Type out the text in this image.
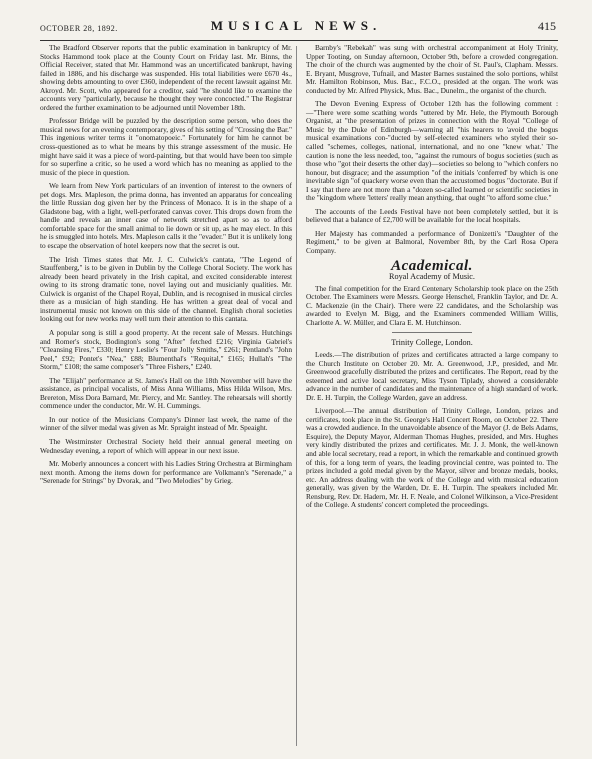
OCTOBER 28, 1892.	MUSICAL NEWS.	415

The Bradford Observer reports that the public examination in bankruptcy of Mr. Stocks Hammond took place at the County Court on Friday last. Mr. Binns, the Official Receiver, stated that Mr. Hammond was an uncertificated bankrupt, having failed in 1886, and his discharge was suspended. His total liabilities were £670 4s., showing debts amounting to over £360, independent of the recent lawsuit against Mr. Akroyd. Mr. Scott, who appeared for a creditor, said "he should like to examine the accounts very "particularly, because he thought they were concocted." The Registrar ordered the further examination to be adjourned until November 18th.

Professor Bridge will be puzzled by the description some person, who does the musical news for an evening contemporary, gives of his setting of "Crossing the Bar." This ingenious writer terms it "onomatopoeic." Fortunately for him he cannot be cross-questioned as to what he means by this strange assessment of the music. He might have said it was a piece of word-painting, but that would have been too simple for so superfine a critic, so he used a word which has no meaning as applied to the music of the piece in question.

We learn from New York particulars of an invention of interest to the owners of pet dogs. Mrs. Mapleson, the prima donna, has invented an apparatus for concealing the little Russian dog given her by the Princess of Monaco. It is in the shape of a Gladstone bag, with a light, well-perforated canvas cover. This drops down from the handle and reveals an inner case of network stretched apart so as to afford comfortable space for the small animal to lie down or sit up, as he may elect. In this he is smuggled into hotels. Mrs. Mapleson calls it the "evader." But it is unlikely long to escape the observation of hotel keepers now that the secret is out.

The Irish Times states that Mr. J. C. Culwick's cantata, "The Legend of Stauffenberg," is to be given in Dublin by the College Choral Society. The work has already been heard privately in the Irish capital, and excited considerable interest owing to its strong dramatic tone, novel laying out and musicianly qualities. Mr. Culwick is organist of the Chapel Royal, Dublin, and is recognised in musical circles there as a musician of high standing. He has written a great deal of vocal and instrumental music not known on this side of the channel. English choral societies looking out for new works may well turn their attention to this cantata.

A popular song is still a good property. At the recent sale of Messrs. Hutchings and Romer's stock, Bodington's song "After" fetched £216; Virginia Gabriel's "Cleansing Fires," £330; Henry Leslie's "Four Jolly Smiths," £261; Pentland's "John Peel," £92; Pontet's "Nea," £88; Blumenthal's "Requital," £165; Hullah's "The Storm," £108; the same composer's "Three Fishers," £240.

The "Elijah" performance at St. James's Hall on the 18th November will have the assistance, as principal vocalists, of Miss Anna Williams, Miss Hilda Wilson, Mrs. Brereton, Miss Dora Barnard, Mr. Piercy, and Mr. Santley. The rehearsals will shortly commence under the conductor, Mr. W. H. Cummings.

In our notice of the Musicians Company's Dinner last week, the name of the winner of the silver medal was given as Mr. Spraight instead of Mr. Speaight.

The Westminster Orchestral Society held their annual general meeting on Wednesday evening, a report of which will appear in our next issue.

Mr. Moberly announces a concert with his Ladies String Orchestra at Birmingham next month. Among the items down for performance are Volkmann's "Serenade," a "Serenade for Strings" by Dvorak, and "Two Melodies" by Grieg.

Barnby's "Rebekah" was sung with orchestral accompaniment at Holy Trinity, Upper Tooting, on Sunday afternoon, October 9th, before a crowded congregation. The choir of the church was augmented by the choir of St. Paul's, Clapham. Messrs. E. Bryant, Musgrove, Tufnail, and Master Barnes sustained the solo portions, whilst Mr. Hamilton Robinson, Mus. Bac., F.C.O., presided at the organ. The work was conducted by Mr. Alfred Physick, Mus. Bac., Dunelm., the organist of the church.

The Devon Evening Express of October 12th has the following comment :—"There were some scathing words "uttered by Mr. Hele, the Plymouth Borough Organist, at "the presentation of prizes in connection with the Royal "College of Music by the Duke of Edinburgh—warning all "his hearers to 'avoid the bogus musical examinations con-"ducted by self-elected examiners who styled their so-called "schemes, colleges, national, international, and no one "knew what.' The caution is none the less needed, too, "against the rumours of bogus societies (such as those who "got their deserts the other day)—societies so belong to "which confers no honour, but disgrace; and the assumption "of the initials 'conferred' by which is one inevitable sign "of quackery worse even than the accustomed bogus "doctorate. But if I say that there are not more than a "dozen so-called learned or scientific societies in the "kingdom where 'letters' really mean anything, that ought "to afford some clue."

The accounts of the Leeds Festival have not been completely settled, but it is believed that a balance of £2,700 will be available for the local hospitals.

Her Majesty has commanded a performance of Donizetti's "Daughter of the Regiment," to be given at Balmoral, November 8th, by the Carl Rosa Opera Company.

Academical.
Royal Academy of Music.

The final competition for the Erard Centenary Scholarship took place on the 25th October. The Examiners were Messrs. George Henschel, Franklin Taylor, and Dr. A. C. Mackenzie (in the Chair). There were 22 candidates, and the Scholarship was awarded to Evelyn M. Bigg, and the Examiners commended William Willis, Charlotte A. W. Müller, and Clara E. M. Hutchinson.

Trinity College, London.

Leeds.—The distribution of prizes and certificates attracted a large company to the Church Institute on October 20. Mr. A. Greenwood, J.P., presided, and Mr. Greenwood gracefully distributed the prizes and certificates. The Report, read by the esteemed and active local secretary, Miss Tyson Tiplady, showed a considerable advance in the number of candidates and the maintenance of a high standard of work. Dr. E. H. Turpin, the College Warden, gave an address.

Liverpool.—The annual distribution of Trinity College, London, prizes and certificates, took place in the St. George's Hall Concert Room, on October 22. There was a crowded audience. In the unavoidable absence of the Mayor (J. de Bels Adams, Esquire), the Deputy Mayor, Alderman Thomas Hughes, presided, and Mrs. Hughes very kindly distributed the prizes and certificates. Mr. J. J. Monk, the well-known and able local secretary, read a report, in which the remarkable and continued growth of this, for a long term of years, the leading provincial centre, was pointed to. The prizes included a gold medal given by the Mayor, silver and bronze medals, books, etc. An address dealing with the work of the College and with musical education generally, was given by the Warden, Dr. E. H. Turpin. The speakers included Mr. Rensburg, Rev. Dr. Hadern, Mr. H. F. Neale, and Colonel Wilkinson, a Vice-President of the College. A students' concert completed the proceedings.
